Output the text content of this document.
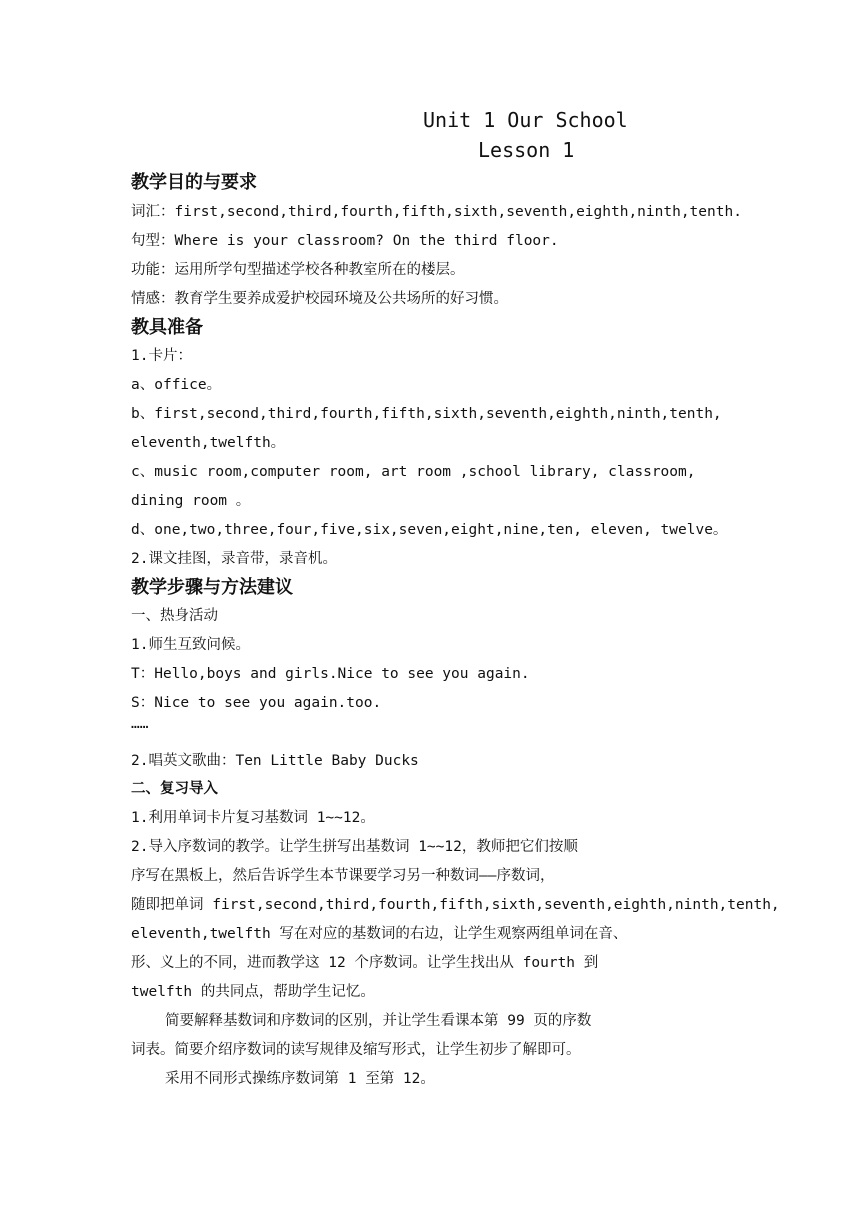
Unit 1 Our School
Lesson 1
教学目的与要求
词汇：first,second,third,fourth,fifth,sixth,seventh,eighth,ninth,tenth.
句型：Where is your classroom? On the third floor.
功能：运用所学句型描述学校各种教室所在的楼层。
情感：教育学生要养成爱护校园环境及公共场所的好习惯。
教具准备
1.卡片：
a、office。
b、first,second,third,fourth,fifth,sixth,seventh,eighth,ninth,tenth,
eleventh,twelfth。
c、music room,computer room, art room ,school library, classroom,
dining room 。
d、one,two,three,four,five,six,seven,eight,nine,ten, eleven, twelve。
2.课文挂图，录音带，录音机。
教学步骤与方法建议
一、热身活动
1.师生互致问候。
T：Hello,boys and girls.Nice to see you again.
S：Nice to see you again.too.
……
2.唱英文歌曲：Ten Little Baby Ducks
二、复习导入
1.利用单词卡片复习基数词 1~~12。
2.导入序数词的教学。让学生拼写出基数词 1~~12，教师把它们按顺
序写在黑板上，然后告诉学生本节课要学习另一种数词——序数词，
随即把单词 first,second,third,fourth,fifth,sixth,seventh,eighth,ninth,tenth,
eleventh,twelfth 写在对应的基数词的右边，让学生观察两组单词在音、
形、义上的不同，进而教学这 12 个序数词。让学生找出从 fourth 到
twelfth 的共同点，帮助学生记忆。
简要解释基数词和序数词的区别，并让学生看课本第 99 页的序数
词表。简要介绍序数词的读写规律及缩写形式，让学生初步了解即可。
采用不同形式操练序数词第 1 至第 12。
